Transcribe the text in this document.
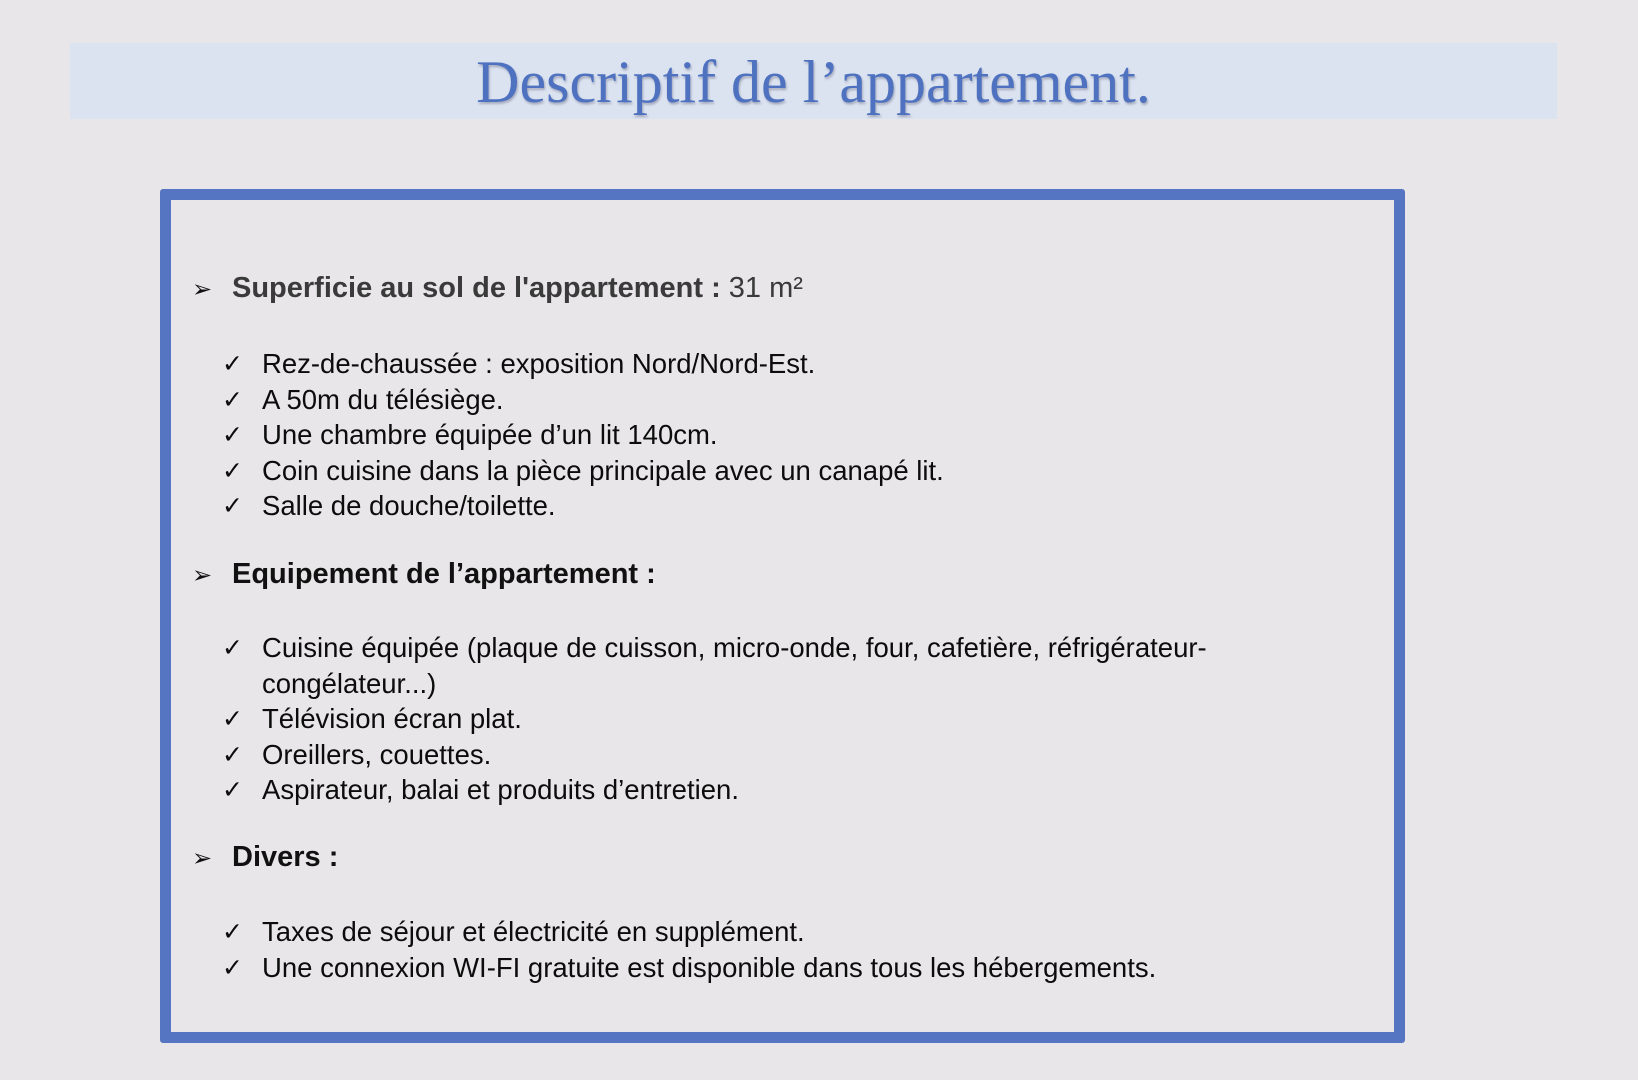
Descriptif de l’appartement.
➢ Superficie au sol de l'appartement : 31 m²
✓ Rez-de-chaussée : exposition Nord/Nord-Est.
✓ A 50m du télésiège.
✓ Une chambre équipée d’un lit 140cm.
✓ Coin cuisine dans la pièce principale avec un canapé lit.
✓ Salle de douche/toilette.
➢ Equipement de l’appartement :
✓ Cuisine équipée (plaque de cuisson, micro-onde, four, cafetière, réfrigérateur-congélateur...)
✓ Télévision écran plat.
✓ Oreillers, couettes.
✓ Aspirateur, balai et produits d’entretien.
➢ Divers :
✓ Taxes de séjour et électricité en supplément.
✓ Une connexion WI-FI gratuite est disponible dans tous les hébergements.
